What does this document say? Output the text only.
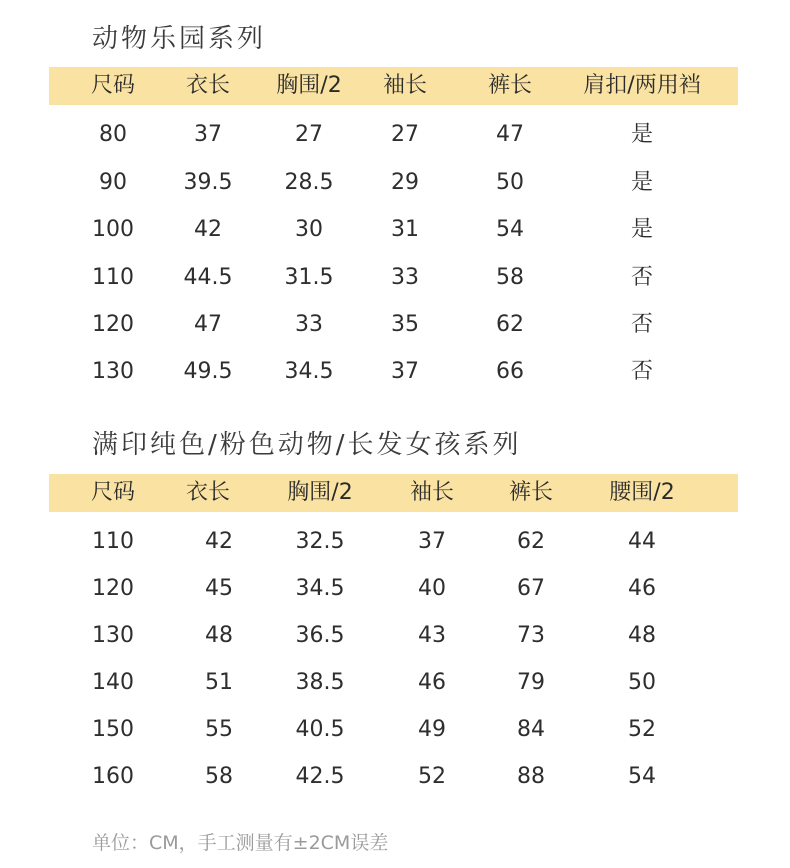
动物乐园系列
尺码	衣长	胸围/2	袖长	裤长	肩扣/两用裆
80	37	27	27	47	是
90	39.5	28.5	29	50	是
100	42	30	31	54	是
110	44.5	31.5	33	58	否
120	47	33	35	62	否
130	49.5	34.5	37	66	否
满印纯色/粉色动物/长发女孩系列
尺码	衣长	胸围/2	袖长	裤长	腰围/2
110	42	32.5	37	62	44
120	45	34.5	40	67	46
130	48	36.5	43	73	48
140	51	38.5	46	79	50
150	55	40.5	49	84	52
160	58	42.5	52	88	54
单位：CM，手工测量有±2CM误差
